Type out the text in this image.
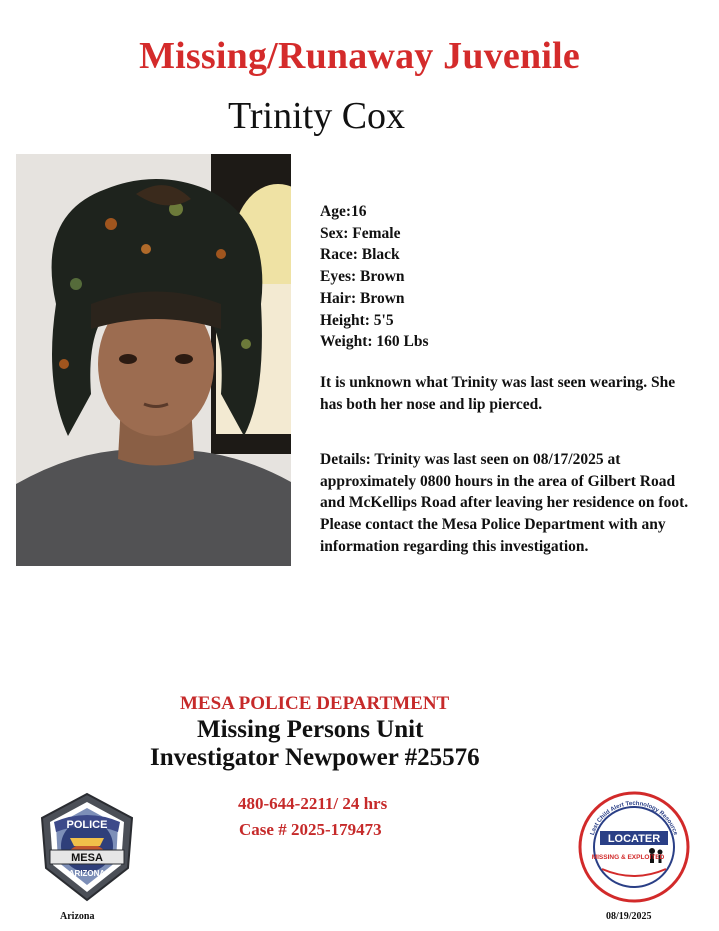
Missing/Runaway Juvenile
Trinity Cox
Age:16
Sex: Female
Race: Black
Eyes: Brown
Hair: Brown
Height: 5'5
Weight: 160 Lbs
It is unknown what Trinity was last seen wearing. She has both her nose and lip pierced.
Details: Trinity was last seen on 08/17/2025 at approximately 0800 hours in the area of Gilbert Road and McKellips Road after leaving her residence on foot. Please contact the Mesa Police Department with any information regarding this investigation.
MESA POLICE DEPARTMENT
Missing Persons Unit
Investigator Newpower #25576
480-644-2211/ 24 hrs
Case # 2025-179473
POLICE
MESA
ARIZONA
Arizona
Last Child Alert Technology Resource
LOCATER
MISSING & EXPLOITED
08/19/2025
